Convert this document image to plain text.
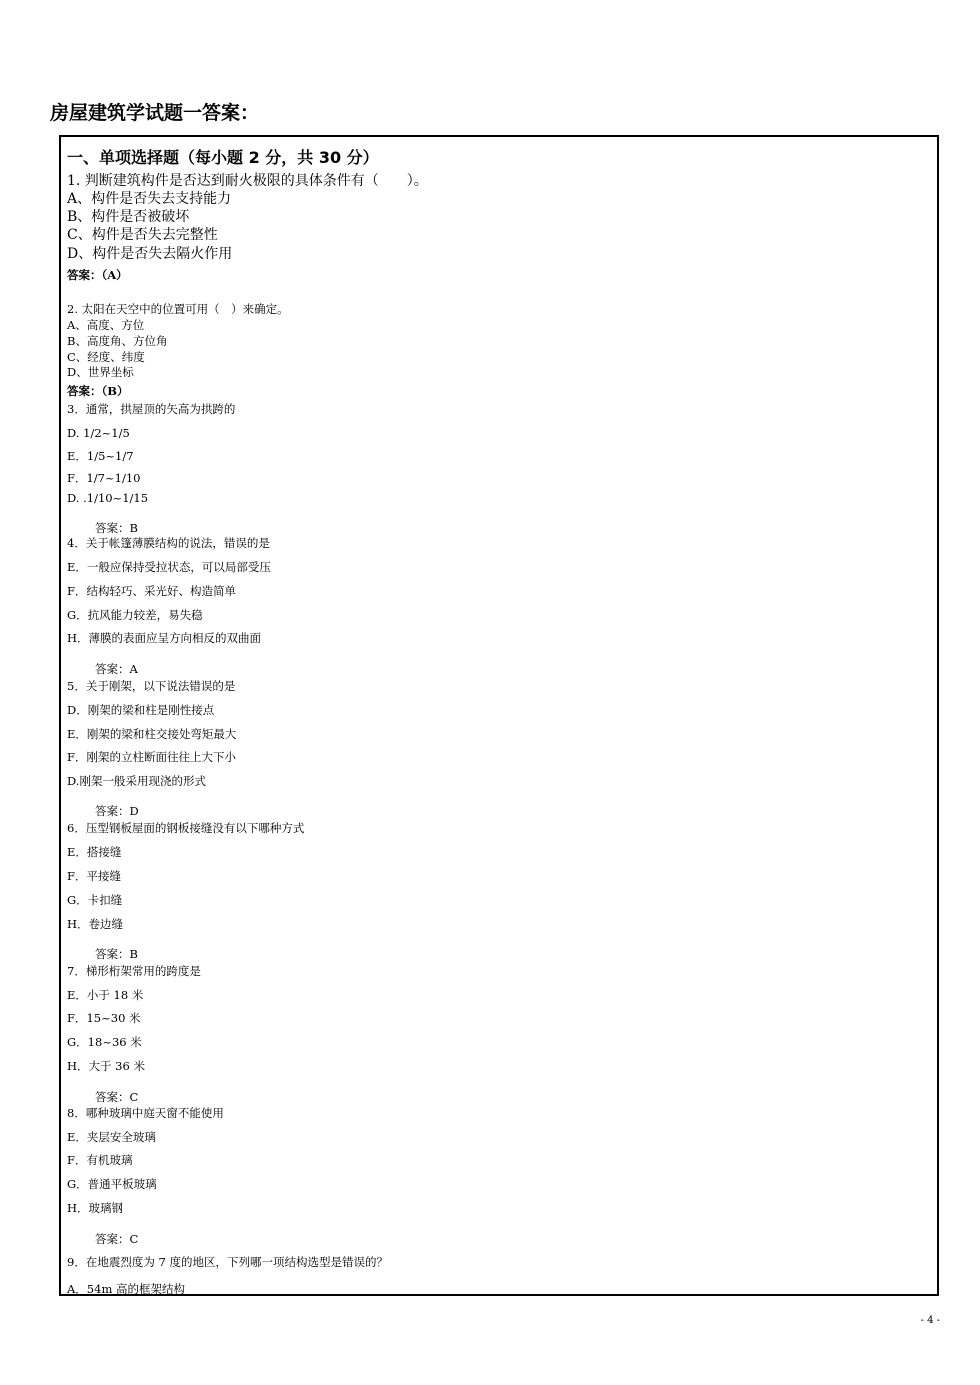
房屋建筑学试题一答案：
一、单项选择题（每小题 2 分，共 30 分）
1. 判断建筑构件是否达到耐火极限的具体条件有（　　）。
A、构件是否失去支持能力
B、构件是否被破坏
C、构件是否失去完整性
D、构件是否失去隔火作用
答案：（A）
2. 太阳在天空中的位置可用（　）来确定。
A、高度、方位
B、高度角、方位角
C、经度、纬度
D、世界坐标
答案：（B）
3．通常，拱屋顶的矢高为拱跨的
D. 1/2~1/5
E．1/5~1/7
F．1/7~1/10
D. .1/10~1/15
答案：B
4．关于帐篷薄膜结构的说法，错误的是
E．一般应保持受拉状态，可以局部受压
F．结构轻巧、采光好、构造简单
G．抗风能力较差，易失稳
H．薄膜的表面应呈方向相反的双曲面
答案：A
5．关于刚架，以下说法错误的是
D．刚架的梁和柱是刚性接点
E．刚架的梁和柱交接处弯矩最大
F．刚架的立柱断面往往上大下小
D.刚架一般采用现浇的形式
答案：D
6．压型钢板屋面的钢板接缝没有以下哪种方式
E．搭接缝
F．平接缝
G．卡扣缝
H．卷边缝
答案：B
7．梯形桁架常用的跨度是
E．小于 18 米
F．15~30 米
G．18~36 米
H．大于 36 米
答案：C
8．哪种玻璃中庭天窗不能使用
E．夹层安全玻璃
F．有机玻璃
G．普通平板玻璃
H．玻璃钢
答案：C
9．在地震烈度为 7 度的地区，下列哪一项结构选型是错误的？
A．54m 高的框架结构
- 4 -
